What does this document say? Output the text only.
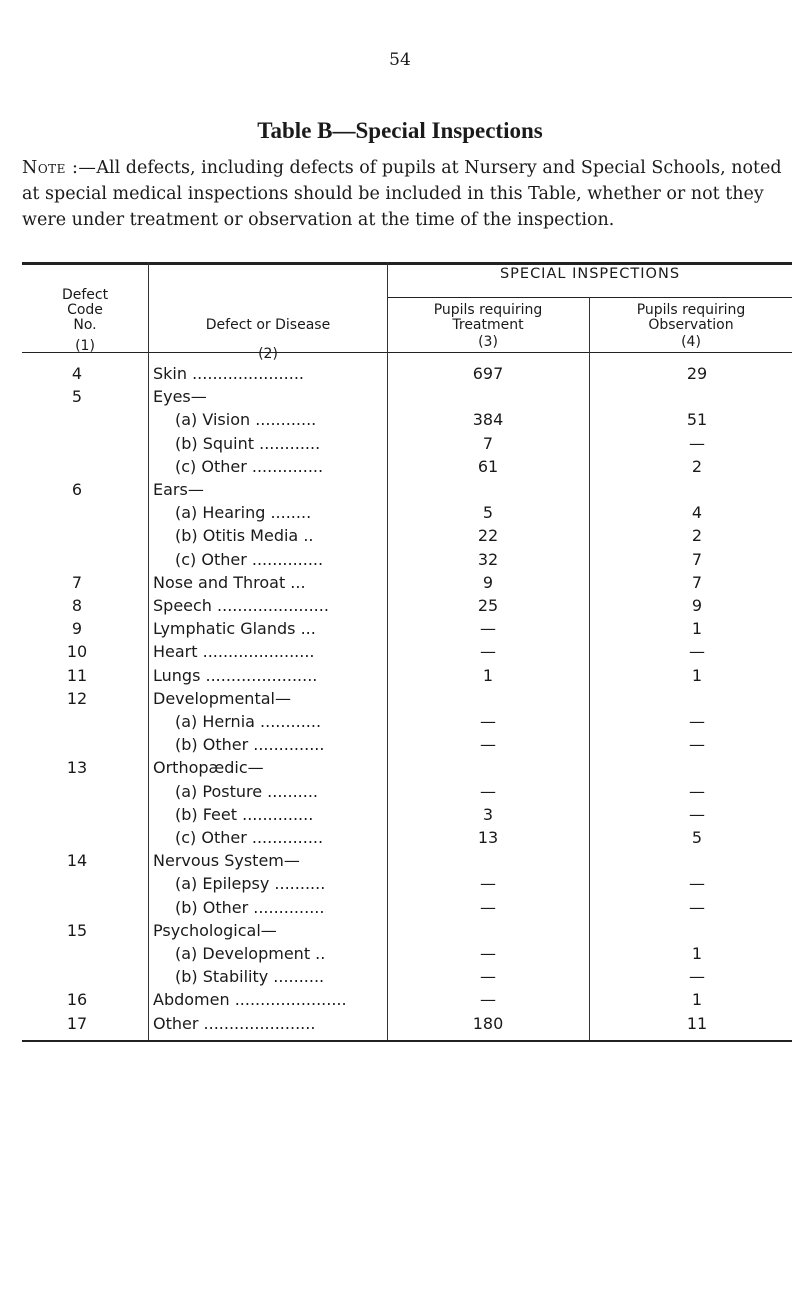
54
Table B—Special Inspections
Note :—All defects, including defects of pupils at Nursery and Special Schools, noted at special medical inspections should be included in this Table, whether or not they were under treatment or observation at the time of the inspection.
Defect Code No.
(1)
Defect or Disease
(2)
SPECIAL INSPECTIONS
Pupils requiring Treatment
(3)
Pupils requiring Observation
(4)
4	Skin ......................	697	29
5	Eyes—
(a) Vision ............	384	51
(b) Squint ............	7	—
(c) Other ..............	61	2
6	Ears—
(a) Hearing ........	5	4
(b) Otitis Media ..	22	2
(c) Other ..............	32	7
7	Nose and Throat ...	9	7
8	Speech ......................	25	9
9	Lymphatic Glands ...	—	1
10	Heart ......................	—	—
11	Lungs ......................	1	1
12	Developmental—
(a) Hernia ............	—	—
(b) Other ..............	—	—
13	Orthopædic—
(a) Posture ..........	—	—
(b) Feet ..............	3	—
(c) Other ..............	13	5
14	Nervous System—
(a) Epilepsy ..........	—	—
(b) Other ..............	—	—
15	Psychological—
(a) Development ..	—	1
(b) Stability ..........	—	—
16	Abdomen ......................	—	1
17	Other ......................	180	11
